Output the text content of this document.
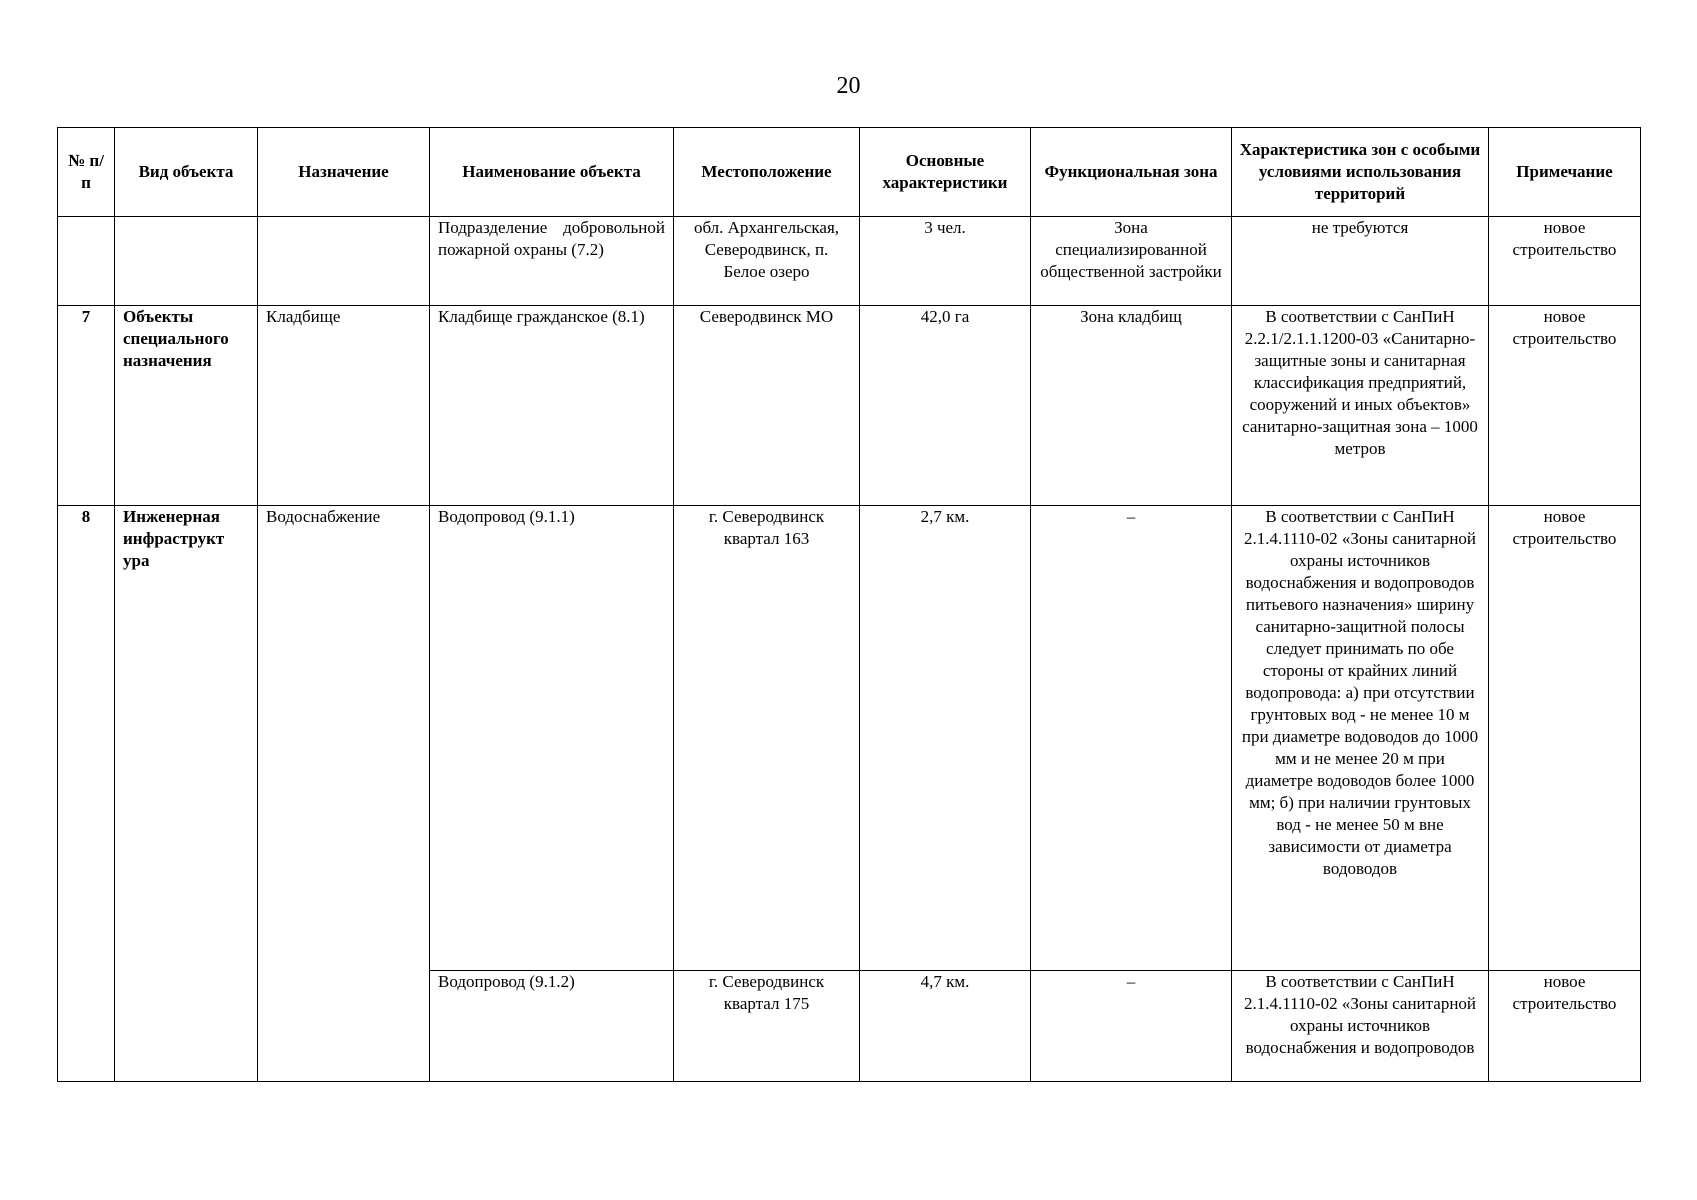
20
№ п/п	Вид объекта	Назначение	Наименование объекта	Местоположение	Основные характеристики	Функциональная зона	Характеристика зон с особыми условиями использования территорий	Примечание
			Подразделение добровольной пожарной охраны (7.2)	обл. Архангельская, Северодвинск, п. Белое озеро	3 чел.	Зона специализированной общественной застройки	не требуются	новое строительство
7	Объекты специального назначения	Кладбище	Кладбище гражданское (8.1)	Северодвинск МО	42,0 га	Зона кладбищ	В соответствии с СанПиН 2.2.1/2.1.1.1200-03 «Санитарно-защитные зоны и санитарная классификация предприятий, сооружений и иных объектов» санитарно-защитная зона – 1000 метров	новое строительство
8	Инженерная инфраструкт ура	Водоснабжение	Водопровод (9.1.1)	г. Северодвинск квартал 163	2,7 км.	–	В соответствии с СанПиН 2.1.4.1110-02 «Зоны санитарной охраны источников водоснабжения и водопроводов питьевого назначения» ширину санитарно-защитной полосы следует принимать по обе стороны от крайних линий водопровода: а) при отсутствии грунтовых вод - не менее 10 м при диаметре водоводов до 1000 мм и не менее 20 м при диаметре водоводов более 1000 мм; б) при наличии грунтовых вод - не менее 50 м вне зависимости от диаметра водоводов	новое строительство
			Водопровод (9.1.2)	г. Северодвинск квартал 175	4,7 км.	–	В соответствии с СанПиН 2.1.4.1110-02 «Зоны санитарной охраны источников водоснабжения и водопроводов	новое строительство
